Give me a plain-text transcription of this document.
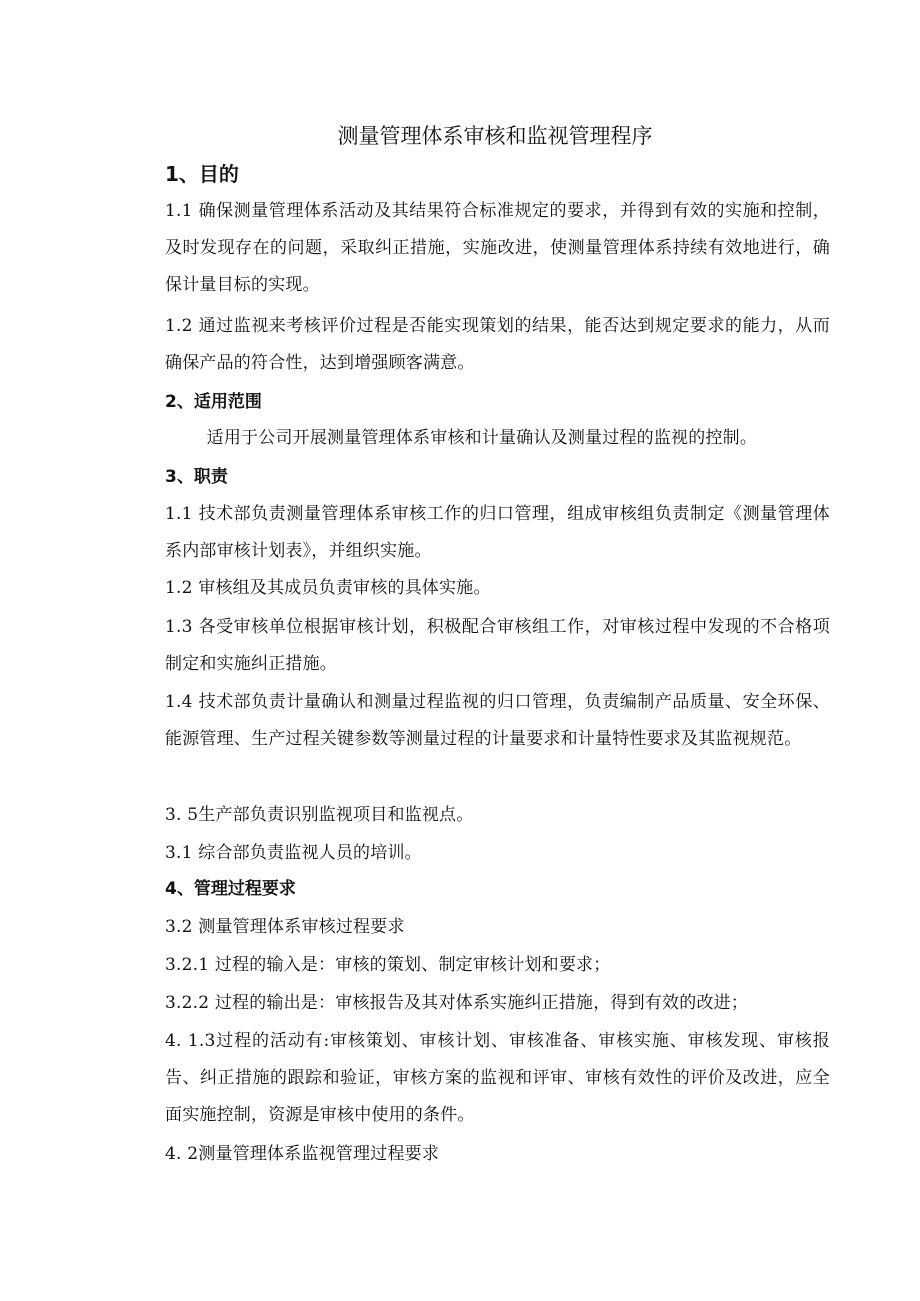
测量管理体系审核和监视管理程序
1、目的
1.1 确保测量管理体系活动及其结果符合标准规定的要求，并得到有效的实施和控制，及时发现存在的问题，采取纠正措施，实施改进，使测量管理体系持续有效地进行，确保计量目标的实现。
1.2 通过监视来考核评价过程是否能实现策划的结果，能否达到规定要求的能力，从而确保产品的符合性，达到增强顾客满意。
2、适用范围
适用于公司开展测量管理体系审核和计量确认及测量过程的监视的控制。
3、职责
1.1 技术部负责测量管理体系审核工作的归口管理，组成审核组负责制定《测量管理体系内部审核计划表》，并组织实施。
1.2 审核组及其成员负责审核的具体实施。
1.3 各受审核单位根据审核计划，积极配合审核组工作，对审核过程中发现的不合格项制定和实施纠正措施。
1.4 技术部负责计量确认和测量过程监视的归口管理，负责编制产品质量、安全环保、能源管理、生产过程关键参数等测量过程的计量要求和计量特性要求及其监视规范。
3. 5生产部负责识别监视项目和监视点。
3.1 综合部负责监视人员的培训。
4、管理过程要求
3.2 测量管理体系审核过程要求
3.2.1 过程的输入是：审核的策划、制定审核计划和要求；
3.2.2 过程的输出是：审核报告及其对体系实施纠正措施，得到有效的改进；
4. 1.3过程的活动有:审核策划、审核计划、审核准备、审核实施、审核发现、审核报告、纠正措施的跟踪和验证，审核方案的监视和评审、审核有效性的评价及改进，应全面实施控制，资源是审核中使用的条件。
4. 2测量管理体系监视管理过程要求
